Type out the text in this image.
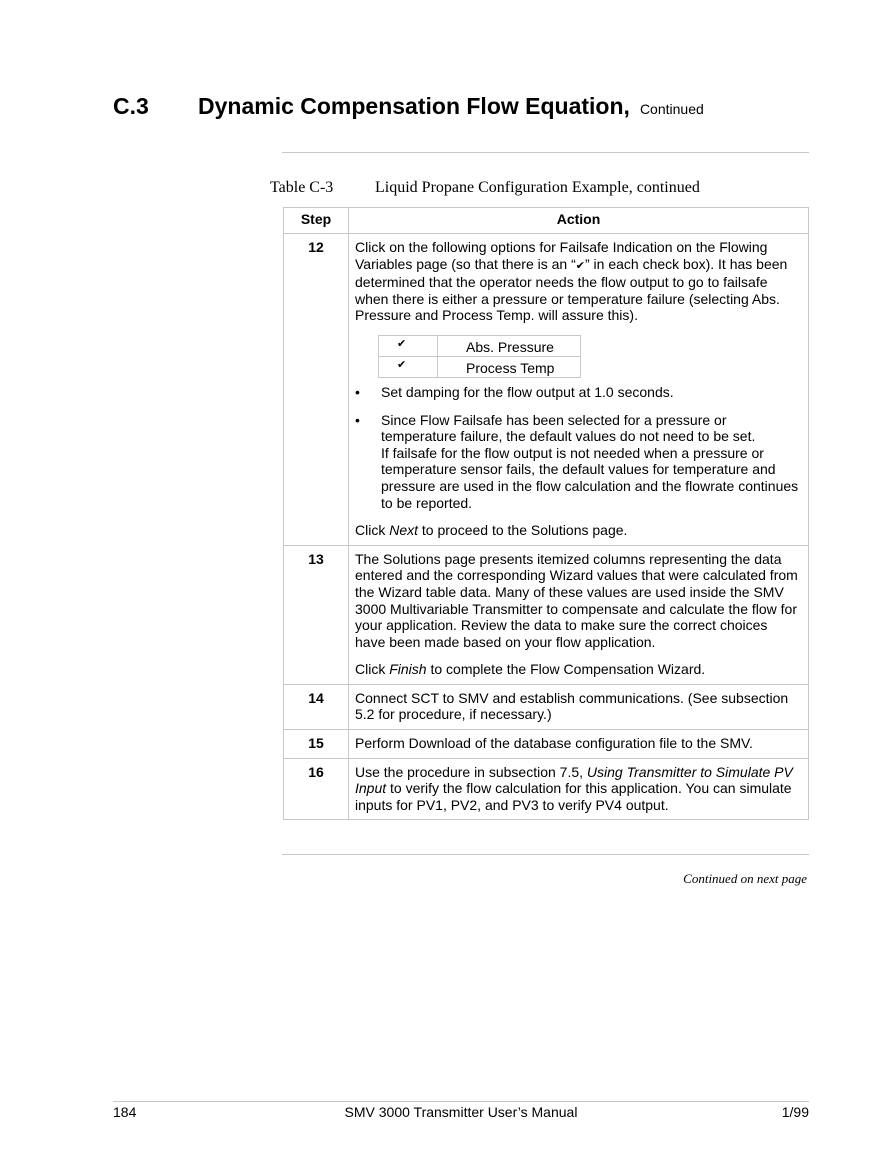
C.3 Dynamic Compensation Flow Equation, Continued
Table C-3	Liquid Propane Configuration Example, continued
Step	Action
12	Click on the following options for Failsafe Indication on the Flowing Variables page (so that there is an “✔” in each check box). It has been determined that the operator needs the flow output to go to failsafe when there is either a pressure or temperature failure (selecting Abs. Pressure and Process Temp. will assure this).

✔	Abs. Pressure
✔	Process Temp
• Set damping for the flow output at 1.0 seconds.
• Since Flow Failsafe has been selected for a pressure or temperature failure, the default values do not need to be set.
If failsafe for the flow output is not needed when a pressure or temperature sensor fails, the default values for temperature and pressure are used in the flow calculation and the flowrate continues to be reported.

Click Next to proceed to the Solutions page.

13	The Solutions page presents itemized columns representing the data entered and the corresponding Wizard values that were calculated from the Wizard table data. Many of these values are used inside the SMV 3000 Multivariable Transmitter to compensate and calculate the flow for your application. Review the data to make sure the correct choices have been made based on your flow application.

Click Finish to complete the Flow Compensation Wizard.

14	Connect SCT to SMV and establish communications. (See subsection 5.2 for procedure, if necessary.)

15	Perform Download of the database configuration file to the SMV.

16	Use the procedure in subsection 7.5, Using Transmitter to Simulate PV Input to verify the flow calculation for this application. You can simulate inputs for PV1, PV2, and PV3 to verify PV4 output.

Continued on next page
184	SMV 3000 Transmitter User’s Manual	1/99
